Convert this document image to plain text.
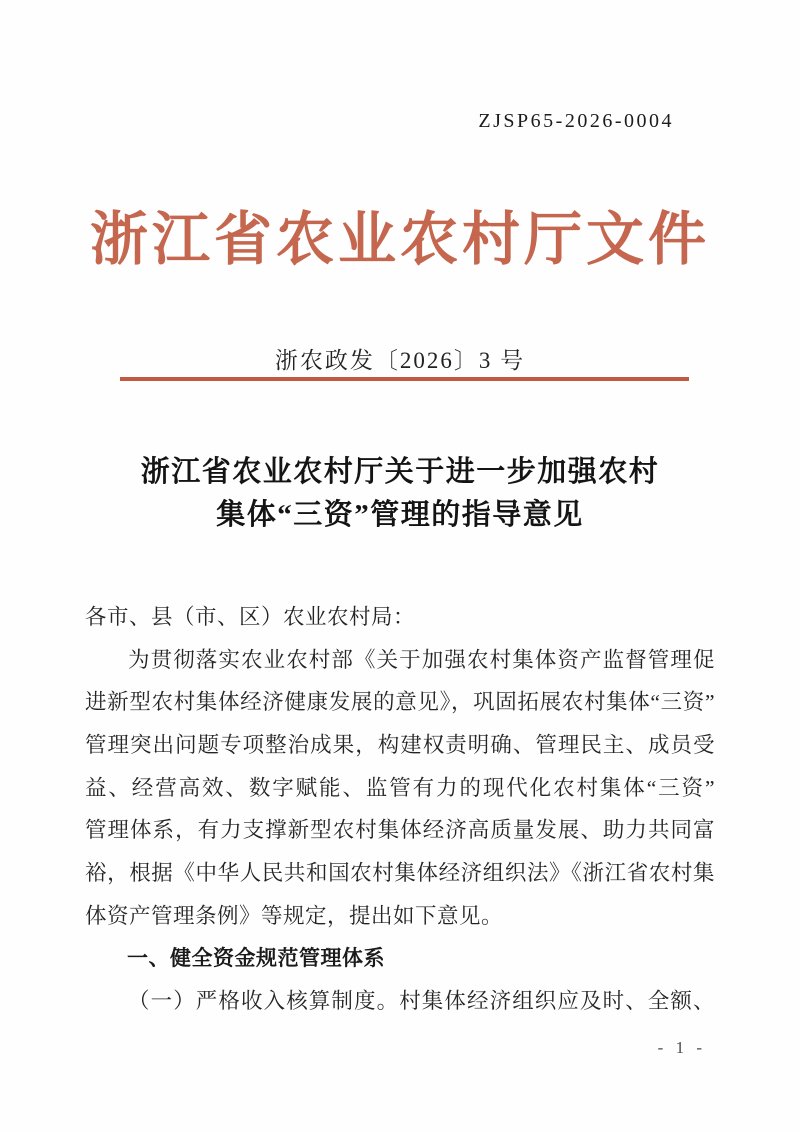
ZJSP65-2026-0004
浙江省农业农村厅文件
浙农政发〔2026〕3 号
浙江省农业农村厅关于进一步加强农村
集体“三资”管理的指导意见
各市、县（市、区）农业农村局：
为贯彻落实农业农村部《关于加强农村集体资产监督管理促
进新型农村集体经济健康发展的意见》，巩固拓展农村集体“三资”
管理突出问题专项整治成果，构建权责明确、管理民主、成员受
益、经营高效、数字赋能、监管有力的现代化农村集体“三资”
管理体系，有力支撑新型农村集体经济高质量发展、助力共同富
裕，根据《中华人民共和国农村集体经济组织法》《浙江省农村集
体资产管理条例》等规定，提出如下意见。
一、健全资金规范管理体系
（一）严格收入核算制度。村集体经济组织应及时、全额、
- 1 -
